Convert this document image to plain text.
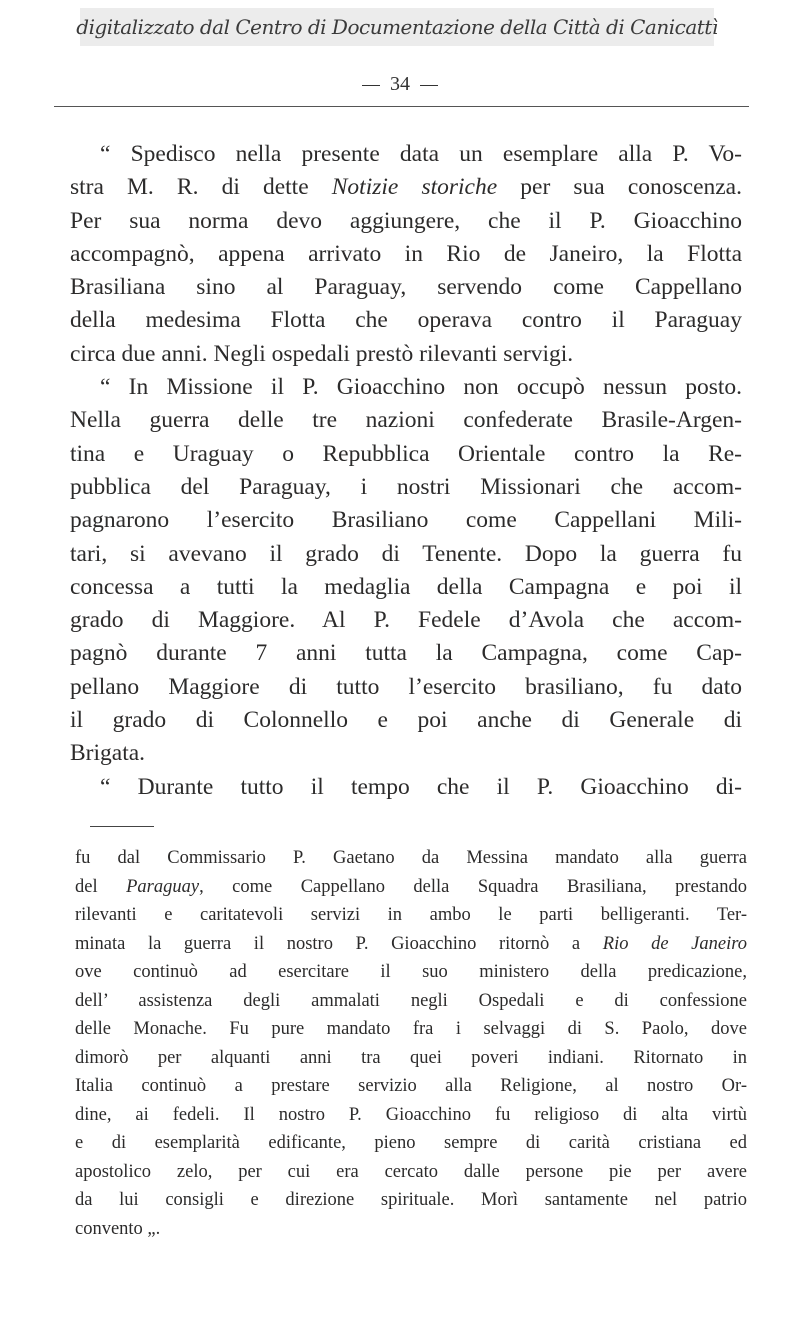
digitalizzato dal Centro di Documentazione della Città di Canicattì
34
“ Spedisco nella presente data un esemplare alla P. Vo-
stra M. R. di dette Notizie storiche per sua conoscenza.
Per sua norma devo aggiungere, che il P. Gioacchino
accompagnò, appena arrivato in Rio de Janeiro, la Flotta
Brasiliana sino al Paraguay, servendo come Cappellano
della medesima Flotta che operava contro il Paraguay
circa due anni. Negli ospedali prestò rilevanti servigi.
“ In Missione il P. Gioacchino non occupò nessun posto.
Nella guerra delle tre nazioni confederate Brasile-Argen-
tina e Uraguay o Repubblica Orientale contro la Re-
pubblica del Paraguay, i nostri Missionari che accom-
pagnarono l’esercito Brasiliano come Cappellani Mili-
tari, si avevano il grado di Tenente. Dopo la guerra fu
concessa a tutti la medaglia della Campagna e poi il
grado di Maggiore. Al P. Fedele d’Avola che accom-
pagnò durante 7 anni tutta la Campagna, come Cap-
pellano Maggiore di tutto l’esercito brasiliano, fu dato
il grado di Colonnello e poi anche di Generale di
Brigata.
“ Durante tutto il tempo che il P. Gioacchino di-
fu dal Commissario P. Gaetano da Messina mandato alla guerra
del Paraguay, come Cappellano della Squadra Brasiliana, prestando
rilevanti e caritatevoli servizi in ambo le parti belligeranti. Ter-
minata la guerra il nostro P. Gioacchino ritornò a Rio de Janeiro
ove continuò ad esercitare il suo ministero della predicazione,
dell’ assistenza degli ammalati negli Ospedali e di confessione
delle Monache. Fu pure mandato fra i selvaggi di S. Paolo, dove
dimorò per alquanti anni tra quei poveri indiani. Ritornato in
Italia continuò a prestare servizio alla Religione, al nostro Or-
dine, ai fedeli. Il nostro P. Gioacchino fu religioso di alta virtù
e di esemplarità edificante, pieno sempre di carità cristiana ed
apostolico zelo, per cui era cercato dalle persone pie per avere
da lui consigli e direzione spirituale. Morì santamente nel patrio
convento „.
